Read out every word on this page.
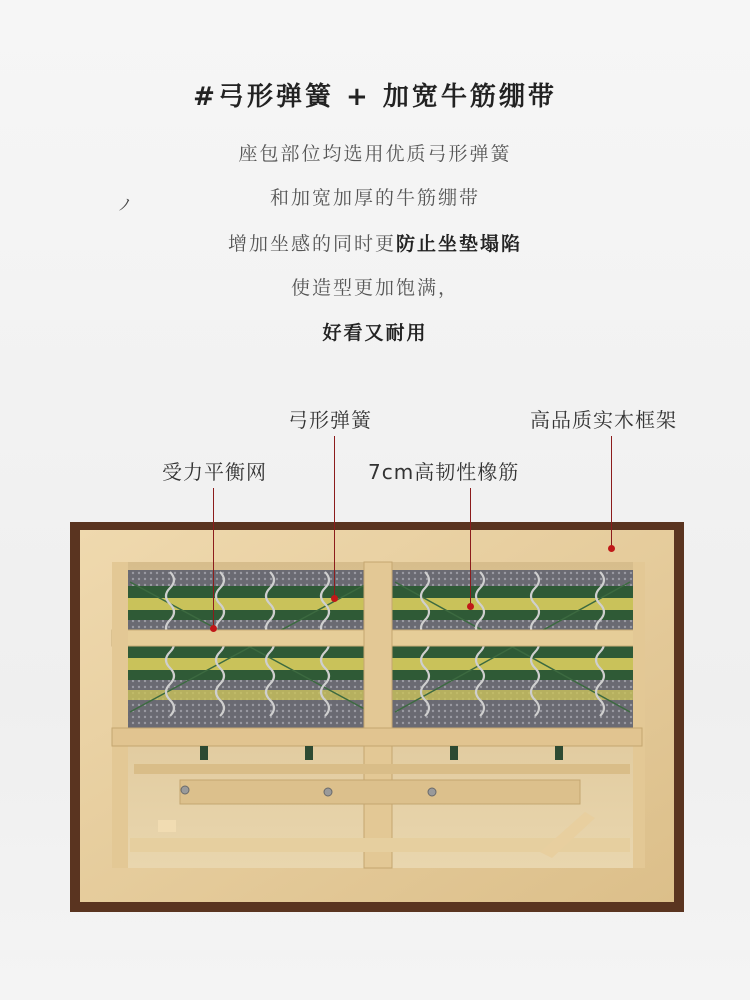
#弓形弹簧 + 加宽牛筋绷带
座包部位均选用优质弓形弹簧
和加宽加厚的牛筋绷带
增加坐感的同时更防止坐垫塌陷
使造型更加饱满，
好看又耐用
ノ
弓形弹簧	高品质实木框架
受力平衡网	7cm高韧性橡筋
